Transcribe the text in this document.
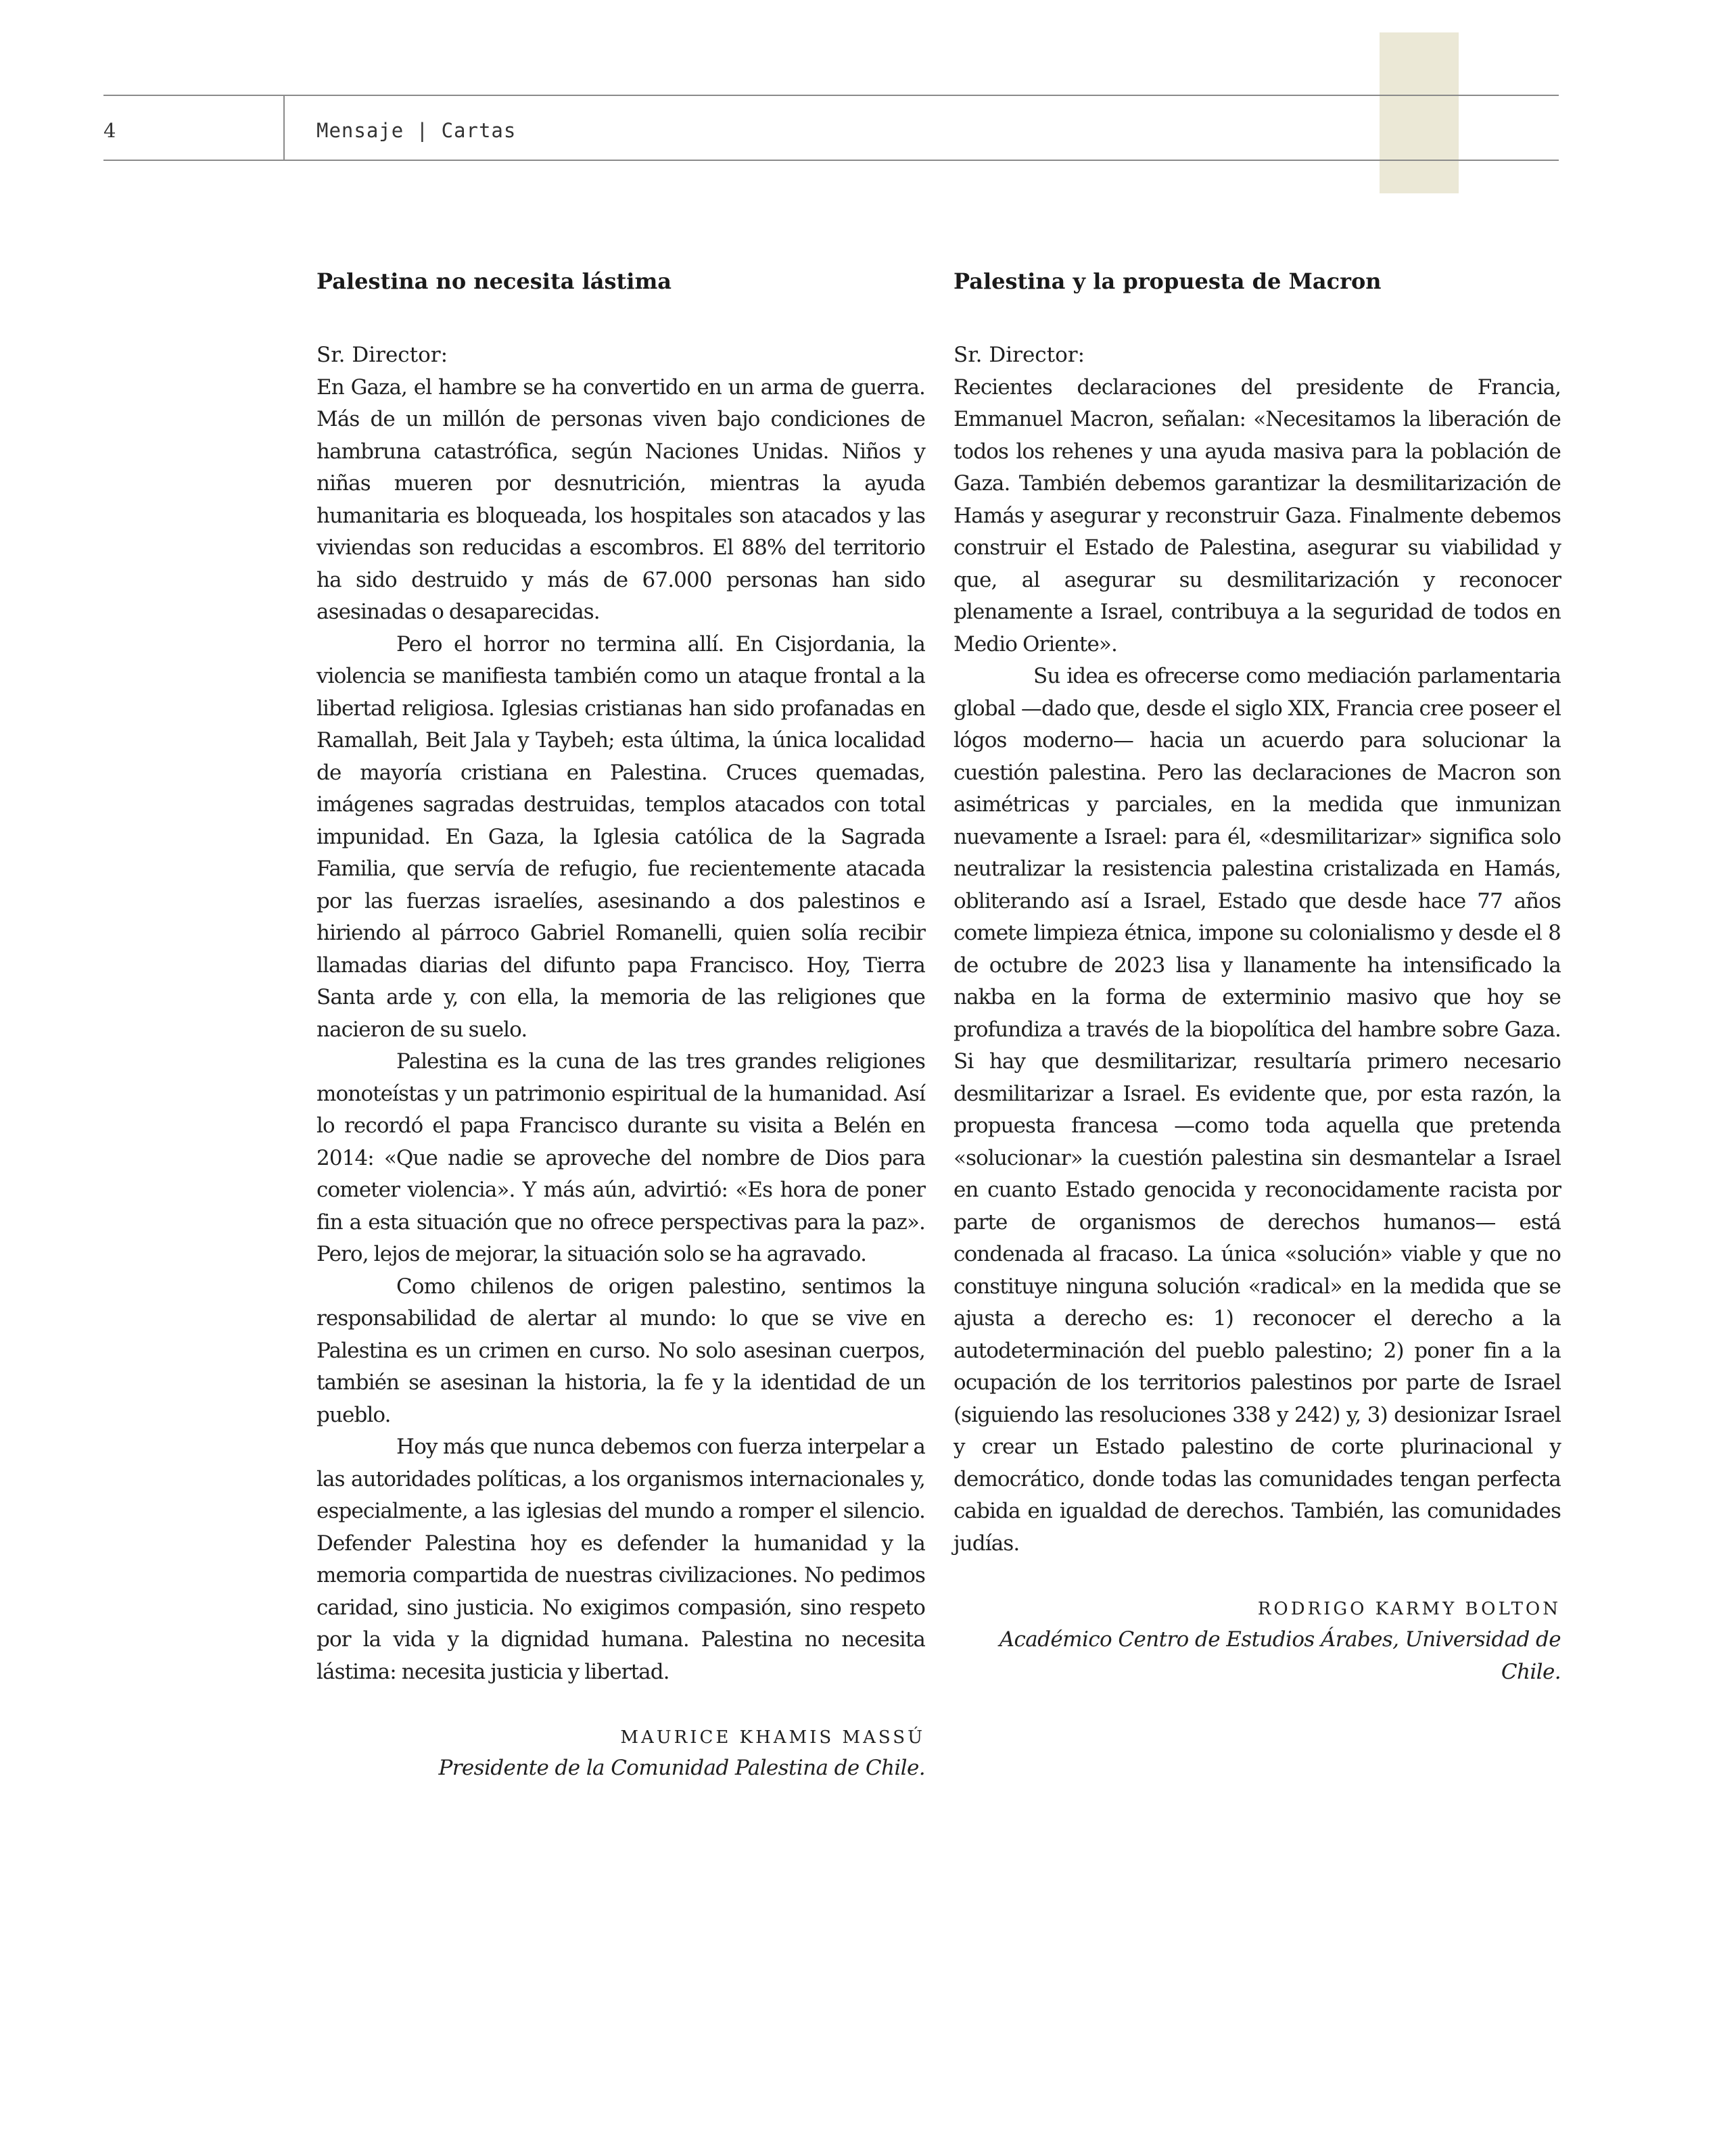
4	Mensaje | Cartas
Palestina no necesita lástima

Sr. Director:

En Gaza, el hambre se ha convertido en un arma de guerra. Más de un millón de personas viven bajo condiciones de hambruna catastrófica, según Naciones Unidas. Niños y niñas mueren por desnutrición, mientras la ayuda humanitaria es bloqueada, los hospitales son atacados y las viviendas son reducidas a escombros. El 88% del territorio ha sido destruido y más de 67.000 personas han sido asesinadas o desaparecidas.

Pero el horror no termina allí. En Cisjordania, la violencia se manifiesta también como un ataque frontal a la libertad religiosa. Iglesias cristianas han sido profanadas en Ramallah, Beit Jala y Taybeh; esta última, la única localidad de mayoría cristiana en Palestina. Cruces quemadas, imágenes sagradas destruidas, templos atacados con total impunidad. En Gaza, la Iglesia católica de la Sagrada Familia, que servía de refugio, fue recientemente atacada por las fuerzas israelíes, asesinando a dos palestinos e hiriendo al párroco Gabriel Romanelli, quien solía recibir llamadas diarias del difunto papa Francisco. Hoy, Tierra Santa arde y, con ella, la memoria de las religiones que nacieron de su suelo.

Palestina es la cuna de las tres grandes religiones monoteístas y un patrimonio espiritual de la humanidad. Así lo recordó el papa Francisco durante su visita a Belén en 2014: «Que nadie se aproveche del nombre de Dios para cometer violencia». Y más aún, advirtió: «Es hora de poner fin a esta situación que no ofrece perspectivas para la paz». Pero, lejos de mejorar, la situación solo se ha agravado.

Como chilenos de origen palestino, sentimos la responsabilidad de alertar al mundo: lo que se vive en Palestina es un crimen en curso. No solo asesinan cuerpos, también se asesinan la historia, la fe y la identidad de un pueblo.

Hoy más que nunca debemos con fuerza interpelar a las autoridades políticas, a los organismos internacionales y, especialmente, a las iglesias del mundo a romper el silencio. Defender Palestina hoy es defender la humanidad y la memoria compartida de nuestras civilizaciones. No pedimos caridad, sino justicia. No exigimos compasión, sino respeto por la vida y la dignidad humana. Palestina no necesita lástima: necesita justicia y libertad.

MAURICE KHAMIS MASSÚ
Presidente de la Comunidad Palestina de Chile.
Palestina y la propuesta de Macron

Sr. Director:

Recientes declaraciones del presidente de Francia, Emmanuel Macron, señalan: «Necesitamos la liberación de todos los rehenes y una ayuda masiva para la población de Gaza. También debemos garantizar la desmilitarización de Hamás y asegurar y reconstruir Gaza. Finalmente debemos construir el Estado de Palestina, asegurar su viabilidad y que, al asegurar su desmilitarización y reconocer plenamente a Israel, contribuya a la seguridad de todos en Medio Oriente».

Su idea es ofrecerse como mediación parlamentaria global —dado que, desde el siglo XIX, Francia cree poseer el lógos moderno— hacia un acuerdo para solucionar la cuestión palestina. Pero las declaraciones de Macron son asimétricas y parciales, en la medida que inmunizan nuevamente a Israel: para él, «desmilitarizar» significa solo neutralizar la resistencia palestina cristalizada en Hamás, obliterando así a Israel, Estado que desde hace 77 años comete limpieza étnica, impone su colonialismo y desde el 8 de octubre de 2023 lisa y llanamente ha intensificado la nakba en la forma de exterminio masivo que hoy se profundiza a través de la biopolítica del hambre sobre Gaza. Si hay que desmilitarizar, resultaría primero necesario desmilitarizar a Israel. Es evidente que, por esta razón, la propuesta francesa —como toda aquella que pretenda «solucionar» la cuestión palestina sin desmantelar a Israel en cuanto Estado genocida y reconocidamente racista por parte de organismos de derechos humanos— está condenada al fracaso. La única «solución» viable y que no constituye ninguna solución «radical» en la medida que se ajusta a derecho es: 1) reconocer el derecho a la autodeterminación del pueblo palestino; 2) poner fin a la ocupación de los territorios palestinos por parte de Israel (siguiendo las resoluciones 338 y 242) y, 3) desionizar Israel y crear un Estado palestino de corte plurinacional y democrático, donde todas las comunidades tengan perfecta cabida en igualdad de derechos. También, las comunidades judías.

RODRIGO KARMY BOLTON
Académico Centro de Estudios Árabes, Universidad de Chile.
